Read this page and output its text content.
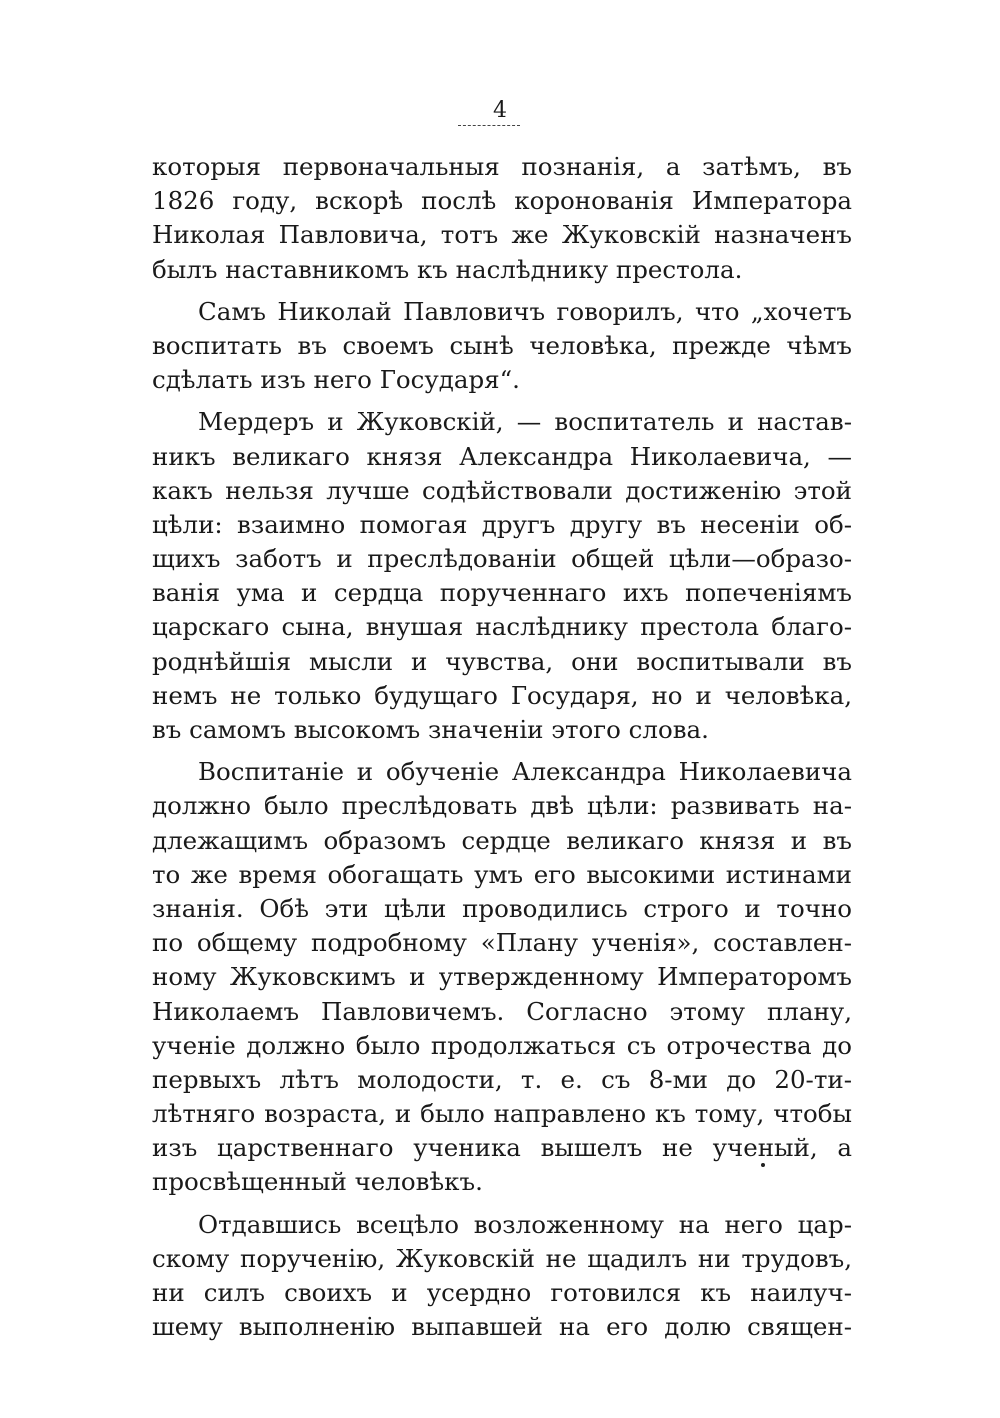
4
которыя первоначальныя познанія, а затѣмъ, въ
1826 году, вскорѣ послѣ коронованія Императора
Николая Павловича, тотъ же Жуковскій назначенъ
былъ наставникомъ къ наслѣднику престола.
Самъ Николай Павловичъ говорилъ, что „хочетъ
воспитать въ своемъ сынѣ человѣка, прежде чѣмъ
сдѣлать изъ него Государя“.
Мердеръ и Жуковскій, — воспитатель и настав-
никъ великаго князя Александра Николаевича, —
какъ нельзя лучше содѣйствовали достиженію этой
цѣли: взаимно помогая другъ другу въ несеніи об-
щихъ заботъ и преслѣдованіи общей цѣли—образо-
ванія ума и сердца порученнаго ихъ попеченіямъ
царскаго сына, внушая наслѣднику престола благо-
роднѣйшія мысли и чувства, они воспитывали въ
немъ не только будущаго Государя, но и человѣка,
въ самомъ высокомъ значеніи этого слова.
Воспитаніе и обученіе Александра Николаевича
должно было преслѣдовать двѣ цѣли: развивать на-
длежащимъ образомъ сердце великаго князя и въ
то же время обогащать умъ его высокими истинами
знанія. Обѣ эти цѣли проводились строго и точно
по общему подробному «Плану ученія», составлен-
ному Жуковскимъ и утвержденному Императоромъ
Николаемъ Павловичемъ. Согласно этому плану,
ученіе должно было продолжаться съ отрочества до
первыхъ лѣтъ молодости, т. е. съ 8-ми до 20-ти-
лѣтняго возраста, и было направлено къ тому, чтобы
изъ царственнаго ученика вышелъ не ученый, а
просвѣщенный человѣкъ.
Отдавшись всецѣло возложенному на него цар-
скому порученію, Жуковскій не щадилъ ни трудовъ,
ни силъ своихъ и усердно готовился къ наилуч-
шему выполненію выпавшей на его долю священ-
